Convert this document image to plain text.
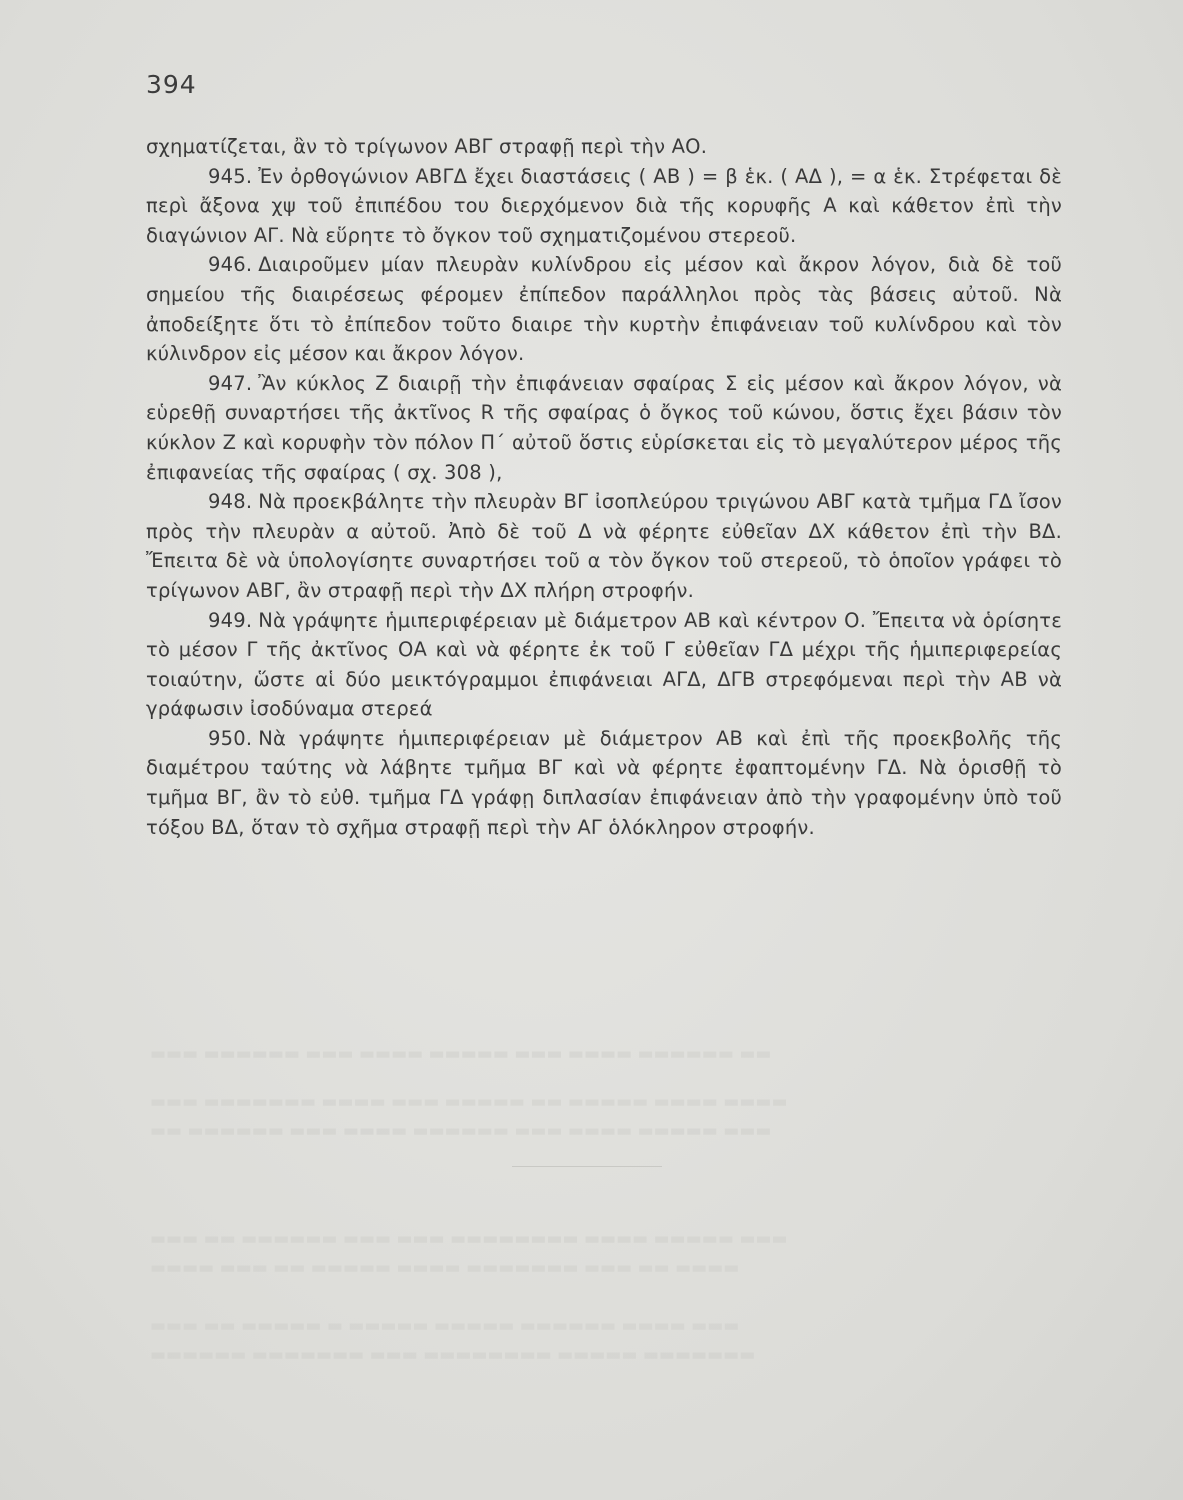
▬▬▬ ▬▬▬▬▬▬ ▬▬▬ ▬▬▬▬ ▬▬▬▬▬ ▬▬▬ ▬▬▬▬ ▬▬▬▬▬▬ ▬▬
▬▬▬ ▬▬▬▬▬▬▬ ▬▬▬▬ ▬▬▬ ▬▬▬▬▬ ▬▬ ▬▬▬▬▬ ▬▬▬▬ ▬▬▬▬
▬▬ ▬▬▬▬▬▬ ▬▬▬ ▬▬▬▬ ▬▬▬▬▬▬ ▬▬▬ ▬▬▬▬ ▬▬▬▬▬ ▬▬▬
▬▬▬ ▬▬ ▬▬▬▬▬▬ ▬▬▬ ▬▬▬ ▬▬▬▬▬▬▬▬ ▬▬▬▬ ▬▬▬▬▬ ▬▬▬
▬▬▬▬ ▬▬▬ ▬▬ ▬▬▬▬▬ ▬▬▬▬ ▬▬▬▬▬▬▬ ▬▬▬ ▬▬ ▬▬▬▬
▬▬▬ ▬▬ ▬▬▬▬▬ ▬ ▬▬▬▬▬ ▬▬▬▬▬ ▬▬▬▬▬▬ ▬▬▬▬ ▬▬▬
▬▬▬▬▬▬ ▬▬▬▬▬▬▬ ▬▬▬ ▬▬▬▬▬▬▬▬ ▬▬▬▬▬ ▬▬▬▬▬▬▬
394

σχηματίζεται, ἂν τὸ τρίγωνον ΑΒΓ στραφῇ περὶ τὴν ΑΟ.

945. Ἐν ὀρθογώνιον ΑΒΓΔ ἔχει διαστάσεις ( ΑΒ ) = β ἑκ. ( ΑΔ ), = α ἑκ. Στρέφεται δὲ περὶ ἄξονα χψ τοῦ ἐπιπέδου του διερχόμενον διὰ τῆς κορυφῆς Α καὶ κάθετον ἐπὶ τὴν διαγώνιον ΑΓ. Νὰ εὕρητε τὸ ὄγκον τοῦ σχηματιζομένου στερεοῦ.

946. Διαιροῦμεν μίαν πλευρὰν κυλίνδρου εἰς μέσον καὶ ἄκρον λόγον, διὰ δὲ τοῦ σημείου τῆς διαιρέσεως φέρομεν ἐπίπεδον παράλληλοι πρὸς τὰς βάσεις αὐτοῦ. Νὰ ἀποδείξητε ὅτι τὸ ἐπίπεδον τοῦτο διαιρε τὴν κυρτὴν ἐπιφάνειαν τοῦ κυλίνδρου καὶ τὸν κύλινδρον εἰς μέσον και ἄκρον λόγον.

947. Ἂν κύκλος Ζ διαιρῇ τὴν ἐπιφάνειαν σφαίρας Σ εἰς μέσον καὶ ἄκρον λόγον, νὰ εὑρεθῇ συναρτήσει τῆς ἀκτῖνος R τῆς σφαίρας ὁ ὄγκος τοῦ κώνου, ὅστις ἔχει βάσιν τὸν κύκλον Ζ καὶ κορυφὴν τὸν πόλον Π΄ αὐτοῦ ὅστις εὑρίσκεται εἰς τὸ μεγαλύτερον μέρος τῆς ἐπιφανείας τῆς σφαίρας ( σχ. 308 ),

948. Νὰ προεκβάλητε τὴν πλευρὰν ΒΓ ἰσοπλεύρου τριγώνου ΑΒΓ κατὰ τμῆμα ΓΔ ἴσον πρὸς τὴν πλευρὰν α αὐτοῦ. Ἀπὸ δὲ τοῦ Δ νὰ φέρητε εὐθεῖαν ΔΧ κάθετον ἐπὶ τὴν ΒΔ. Ἔπειτα δὲ νὰ ὑπολογίσητε συναρτήσει τοῦ α τὸν ὄγκον τοῦ στερεοῦ, τὸ ὁποῖον γράφει τὸ τρίγωνον ΑΒΓ, ἂν στραφῇ περὶ τὴν ΔΧ πλήρη στροφήν.

949. Νὰ γράψητε ἡμιπεριφέρειαν μὲ διάμετρον ΑΒ καὶ κέντρον Ο. Ἔπειτα νὰ ὁρίσητε τὸ μέσον Γ τῆς ἀκτῖνος ΟΑ καὶ νὰ φέρητε ἐκ τοῦ Γ εὐθεῖαν ΓΔ μέχρι τῆς ἡμιπεριφερείας τοιαύτην, ὥστε αἱ δύο μεικτόγραμμοι ἐπιφάνειαι ΑΓΔ, ΔΓΒ στρεφόμεναι περὶ τὴν ΑΒ νὰ γράφωσιν ἰσοδύναμα στερεά

950. Νὰ γράψητε ἡμιπεριφέρειαν μὲ διάμετρον ΑΒ καὶ ἐπὶ τῆς προεκβολῆς τῆς διαμέτρου ταύτης νὰ λάβητε τμῆμα ΒΓ καὶ νὰ φέρητε ἐφαπτομένην ΓΔ. Νὰ ὁρισθῇ τὸ τμῆμα ΒΓ, ἂν τὸ εὐθ. τμῆμα ΓΔ γράφῃ διπλασίαν ἐπιφάνειαν ἀπὸ τὴν γραφομένην ὑπὸ τοῦ τόξου ΒΔ, ὅταν τὸ σχῆμα στραφῇ περὶ τὴν ΑΓ ὁλόκληρον στροφήν.
